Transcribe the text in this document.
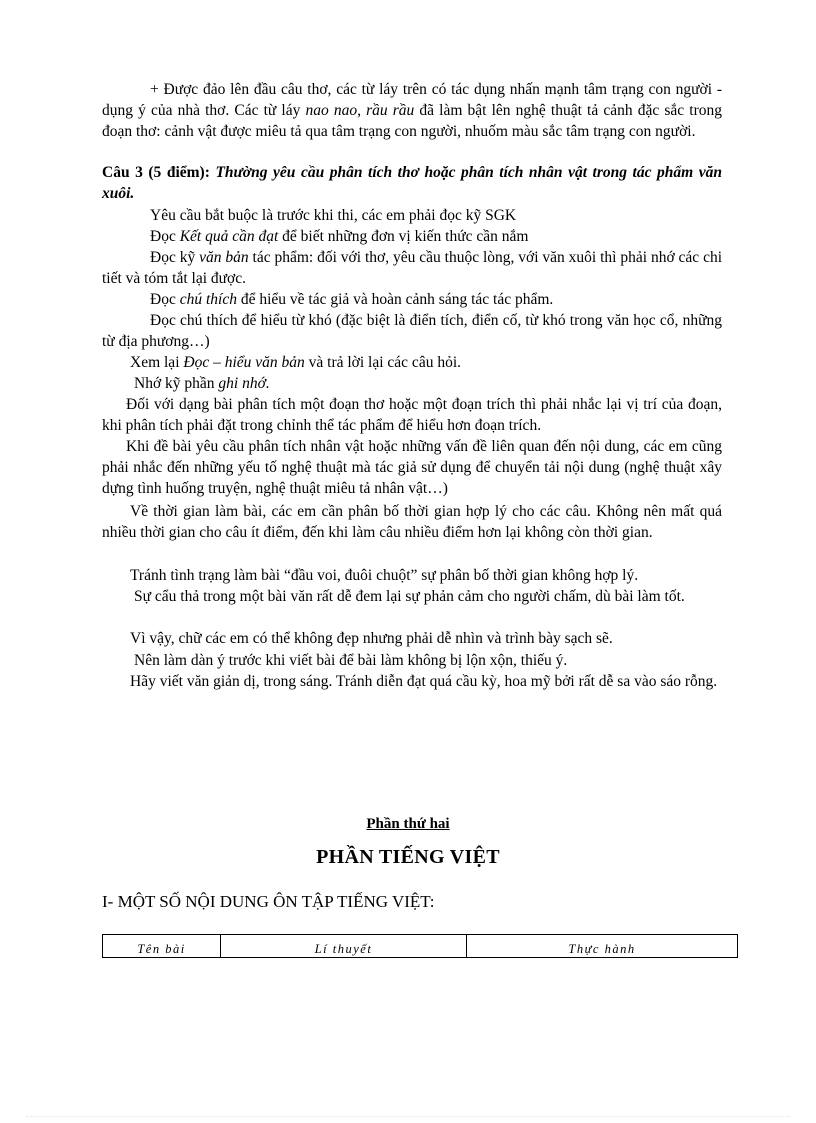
+ Được đảo lên đầu câu thơ, các từ láy trên có tác dụng nhấn mạnh tâm trạng con người - dụng ý của nhà thơ. Các từ láy nao nao, rầu rầu đã làm bật lên nghệ thuật tả cảnh đặc sắc trong đoạn thơ: cảnh vật được miêu tả qua tâm trạng con người, nhuốm màu sắc tâm trạng con người.

Câu 3 (5 điểm): Thường yêu cầu phân tích thơ hoặc phân tích nhân vật trong tác phẩm văn xuôi.

Yêu cầu bắt buộc là trước khi thi, các em phải đọc kỹ SGK

Đọc Kết quả cần đạt để biết những đơn vị kiến thức cần nắm

Đọc kỹ văn bản tác phẩm: đối với thơ, yêu cầu thuộc lòng, với văn xuôi thì phải nhớ các chi tiết và tóm tắt lại được.

Đọc chú thích để hiểu về tác giả và hoàn cảnh sáng tác tác phẩm.

Đọc chú thích để hiểu từ khó (đặc biệt là điển tích, điển cố, từ khó trong văn học cổ, những từ địa phương…)

Xem lại Đọc – hiểu văn bản và trả lời lại các câu hỏi.

Nhớ kỹ phần ghi nhớ.

Đối với dạng bài phân tích một đoạn thơ hoặc một đoạn trích thì phải nhắc lại vị trí của đoạn, khi phân tích phải đặt trong chỉnh thể tác phẩm để hiểu hơn đoạn trích.

Khi đề bài yêu cầu phân tích nhân vật hoặc những vấn đề liên quan đến nội dung, các em cũng phải nhắc đến những yếu tố nghệ thuật mà tác giả sử dụng để chuyển tải nội dung (nghệ thuật xây dựng tình huống truyện, nghệ thuật miêu tả nhân vật…)

Về thời gian làm bài, các em cần phân bố thời gian hợp lý cho các câu. Không nên mất quá nhiều thời gian cho câu ít điểm, đến khi làm câu nhiều điểm hơn lại không còn thời gian.

Tránh tình trạng làm bài “đầu voi, đuôi chuột” sự phân bố thời gian không hợp lý.

Sự cẩu thả trong một bài văn rất dễ đem lại sự phản cảm cho người chấm, dù bài làm tốt.

Vì vậy, chữ các em có thể không đẹp nhưng phải dễ nhìn và trình bày sạch sẽ.

Nên làm dàn ý trước khi viết bài để bài làm không bị lộn xộn, thiếu ý.

Hãy viết văn giản dị, trong sáng. Tránh diễn đạt quá cầu kỳ, hoa mỹ bởi rất dễ sa vào sáo rỗng.

Phần thứ hai

PHẦN TIẾNG VIỆT

I- MỘT SỐ NỘI DUNG ÔN TẬP TIẾNG VIỆT:

Tên bài	Lí thuyết	Thực hành
